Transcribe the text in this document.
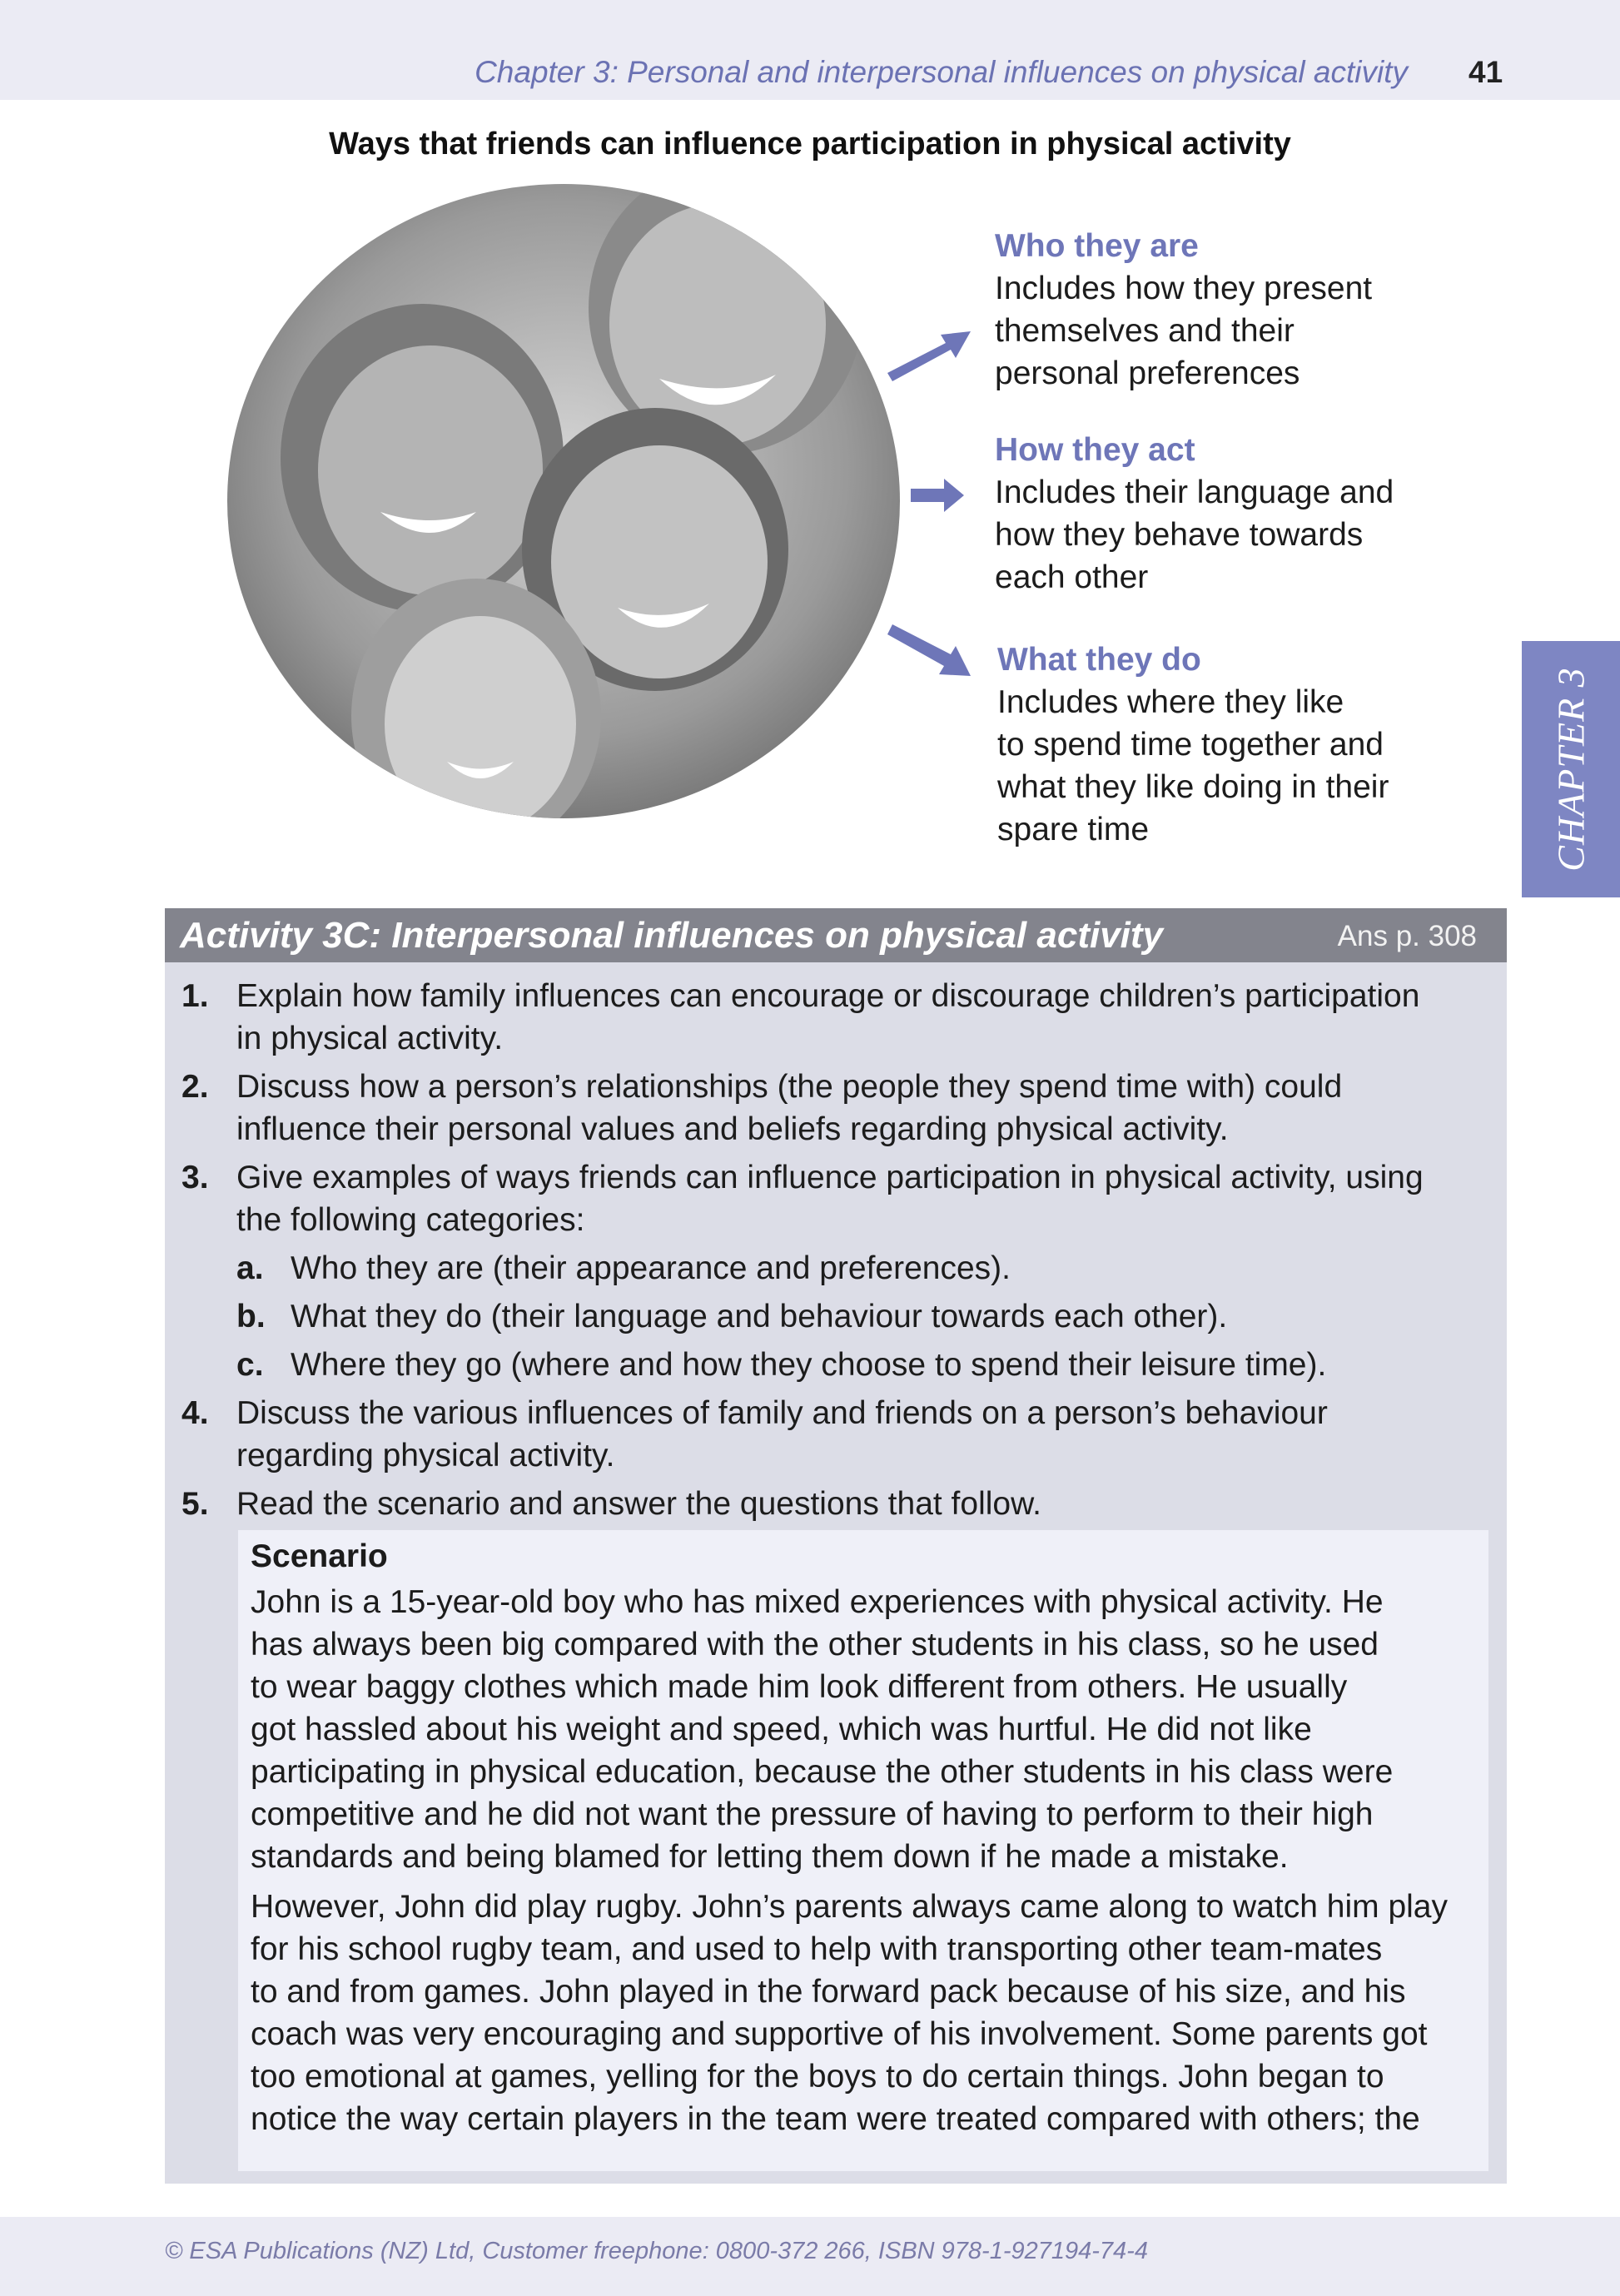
Chapter 3: Personal and interpersonal influences on physical activity 41
Ways that friends can influence participation in physical activity
Who they are
Includes how they present
themselves and their
personal preferences
How they act
Includes their language and
how they behave towards
each other
What they do
Includes where they like
to spend time together and
what they like doing in their
spare time	CHAPTER 3
Activity 3C: Interpersonal influences on physical activity	Ans p. 308
1. Explain how family influences can encourage or discourage children’s participation
in physical activity.
2. Discuss how a person’s relationships (the people they spend time with) could
influence their personal values and beliefs regarding physical activity.
3. Give examples of ways friends can influence participation in physical activity, using
the following categories:
a. Who they are (their appearance and preferences).
b. What they do (their language and behaviour towards each other).
c. Where they go (where and how they choose to spend their leisure time).
4. Discuss the various influences of family and friends on a person’s behaviour
regarding physical activity.
5. Read the scenario and answer the questions that follow.
Scenario
John is a 15-year-old boy who has mixed experiences with physical activity. He
has always been big compared with the other students in his class, so he used
to wear baggy clothes which made him look different from others. He usually
got hassled about his weight and speed, which was hurtful. He did not like
participating in physical education, because the other students in his class were
competitive and he did not want the pressure of having to perform to their high
standards and being blamed for letting them down if he made a mistake.
However, John did play rugby. John’s parents always came along to watch him play
for his school rugby team, and used to help with transporting other team-mates
to and from games. John played in the forward pack because of his size, and his
coach was very encouraging and supportive of his involvement. Some parents got
too emotional at games, yelling for the boys to do certain things. John began to
notice the way certain players in the team were treated compared with others; the
© ESA Publications (NZ) Ltd, Customer freephone: 0800-372 266, ISBN 978-1-927194-74-4
